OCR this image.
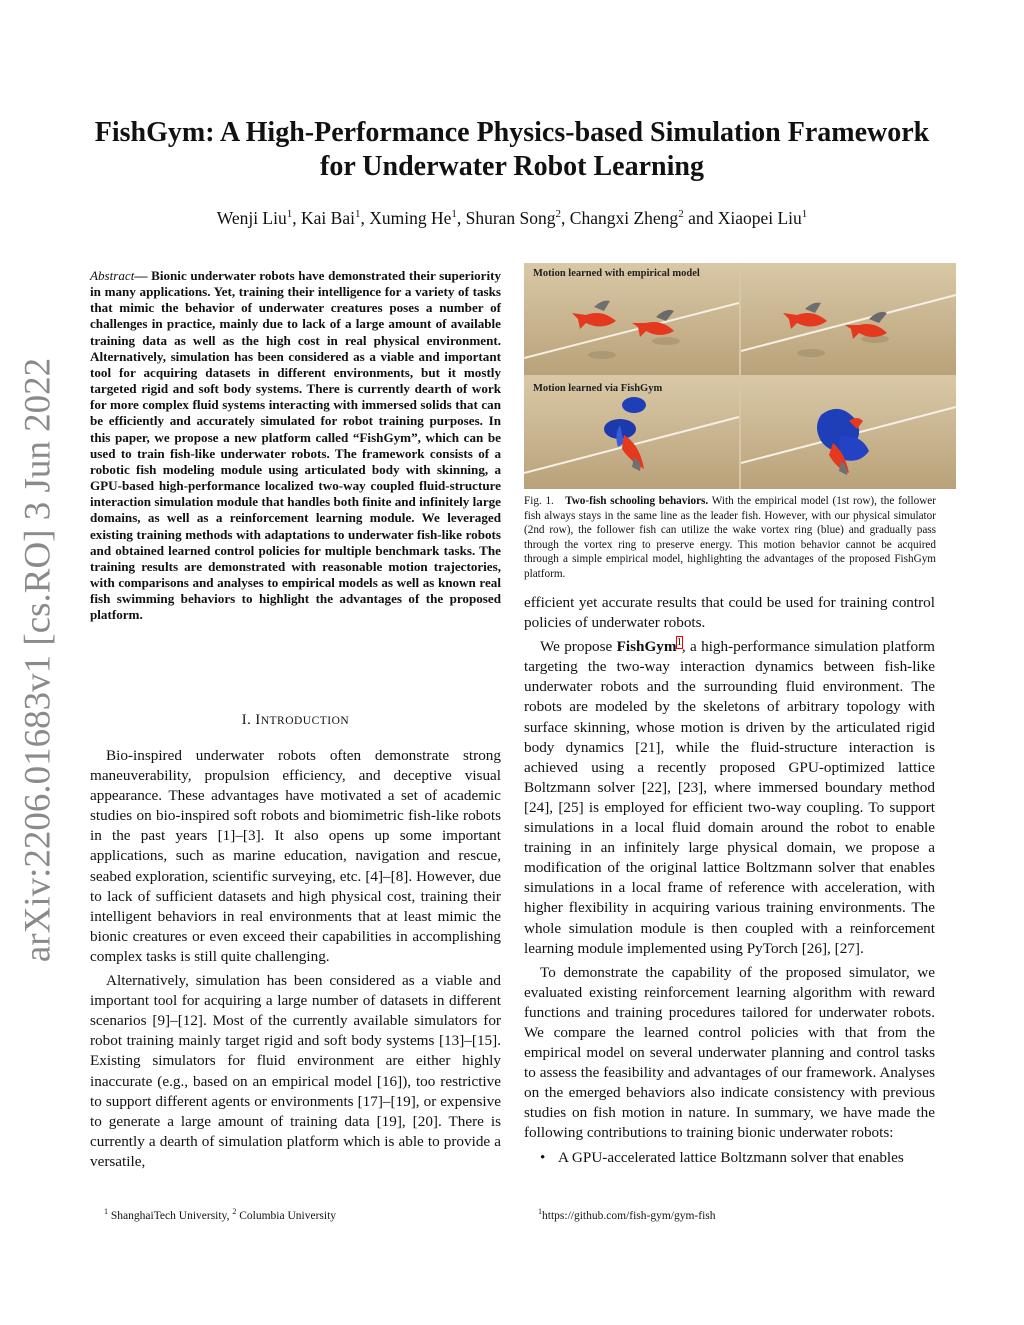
arXiv:2206.01683v1 [cs.RO] 3 Jun 2022
FishGym: A High-Performance Physics-based Simulation Framework
for Underwater Robot Learning
Wenji Liu$^1$, Kai Bai$^1$, Xuming He$^1$, Shuran Song$^2$, Changxi Zheng$^2$ and Xiaopei Liu$^1$

Abstract— Bionic underwater robots have demonstrated their superiority in many applications. Yet, training their intelligence for a variety of tasks that mimic the behavior of underwater creatures poses a number of challenges in practice, mainly due to lack of a large amount of available training data as well as the high cost in real physical environment. Alternatively, simulation has been considered as a viable and important tool for acquiring datasets in different environments, but it mostly targeted rigid and soft body systems. There is currently dearth of work for more complex fluid systems interacting with immersed solids that can be efficiently and accurately simulated for robot training purposes. In this paper, we propose a new platform called “FishGym”, which can be used to train fish-like underwater robots. The framework consists of a robotic fish modeling module using articulated body with skinning, a GPU-based high-performance localized two-way coupled fluid-structure interaction simulation module that handles both finite and infinitely large domains, as well as a reinforcement learning module. We leveraged existing training methods with adaptations to underwater fish-like robots and obtained learned control policies for multiple benchmark tasks. The training results are demonstrated with reasonable motion trajectories, with comparisons and analyses to empirical models as well as known real fish swimming behaviors to highlight the advantages of the proposed platform.

I. INTRODUCTION

Bio-inspired underwater robots often demonstrate strong maneuverability, propulsion efficiency, and deceptive visual appearance. These advantages have motivated a set of academic studies on bio-inspired soft robots and biomimetric fish-like robots in the past years [1]–[3]. It also opens up some important applications, such as marine education, navigation and rescue, seabed exploration, scientific surveying, etc. [4]–[8]. However, due to lack of sufficient datasets and high physical cost, training their intelligent behaviors in real environments that at least mimic the bionic creatures or even exceed their capabilities in accomplishing complex tasks is still quite challenging.

Alternatively, simulation has been considered as a viable and important tool for acquiring a large number of datasets in different scenarios [9]–[12]. Most of the currently available simulators for robot training mainly target rigid and soft body systems [13]–[15]. Existing simulators for fluid environment are either highly inaccurate (e.g., based on an empirical model [16]), too restrictive to support different agents or environments [17]–[19], or expensive to generate a large amount of training data [19], [20]. There is currently a dearth of simulation platform which is able to provide a versatile,

Motion learned with empirical model
Motion learned via FishGym

Fig. 1. Two-fish schooling behaviors. With the empirical model (1st row), the follower fish always stays in the same line as the leader fish. However, with our physical simulator (2nd row), the follower fish can utilize the wake vortex ring (blue) and gradually pass through the vortex ring to preserve energy. This motion behavior cannot be acquired through a simple empirical model, highlighting the advantages of the proposed FishGym platform.

efficient yet accurate results that could be used for training control policies of underwater robots.

We propose FishGym$^1$, a high-performance simulation platform targeting the two-way interaction dynamics between fish-like underwater robots and the surrounding fluid environment. The robots are modeled by the skeletons of arbitrary topology with surface skinning, whose motion is driven by the articulated rigid body dynamics [21], while the fluid-structure interaction is achieved using a recently proposed GPU-optimized lattice Boltzmann solver [22], [23], where immersed boundary method [24], [25] is employed for efficient two-way coupling. To support simulations in a local fluid domain around the robot to enable training in an infinitely large physical domain, we propose a modification of the original lattice Boltzmann solver that enables simulations in a local frame of reference with acceleration, with higher flexibility in acquiring various training environments. The whole simulation module is then coupled with a reinforcement learning module implemented using PyTorch [26], [27].

To demonstrate the capability of the proposed simulator, we evaluated existing reinforcement learning algorithm with reward functions and training procedures tailored for underwater robots. We compare the learned control policies with that from the empirical model on several underwater planning and control tasks to assess the feasibility and advantages of our framework. Analyses on the emerged behaviors also indicate consistency with previous studies on fish motion in nature. In summary, we have made the following contributions to training bionic underwater robots:

• A GPU-accelerated lattice Boltzmann solver that enables

$^1$ ShanghaiTech University, $^2$ Columbia University	$^1$https://github.com/fish-gym/gym-fish
